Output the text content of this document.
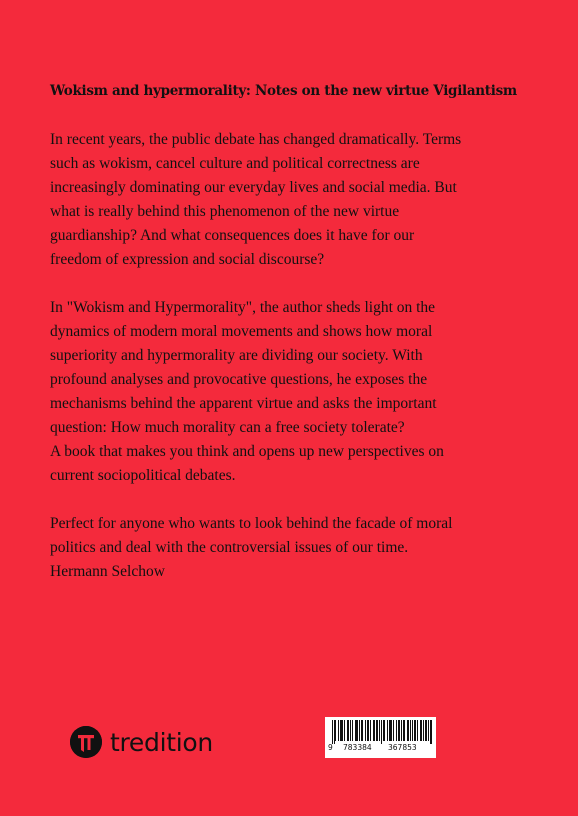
Wokism and hypermorality: Notes on the new virtue Vigilantism

In recent years, the public debate has changed dramatically. Terms
such as wokism, cancel culture and political correctness are
increasingly dominating our everyday lives and social media. But
what is really behind this phenomenon of the new virtue
guardianship? And what consequences does it have for our
freedom of expression and social discourse?

In "Wokism and Hypermorality", the author sheds light on the
dynamics of modern moral movements and shows how moral
superiority and hypermorality are dividing our society. With
profound analyses and provocative questions, he exposes the
mechanisms behind the apparent virtue and asks the important
question: How much morality can a free society tolerate?
A book that makes you think and opens up new perspectives on
current sociopolitical debates.

Perfect for anyone who wants to look behind the facade of moral
politics and deal with the controversial issues of our time.
Hermann Selchow

tredition	9 783384 367853
